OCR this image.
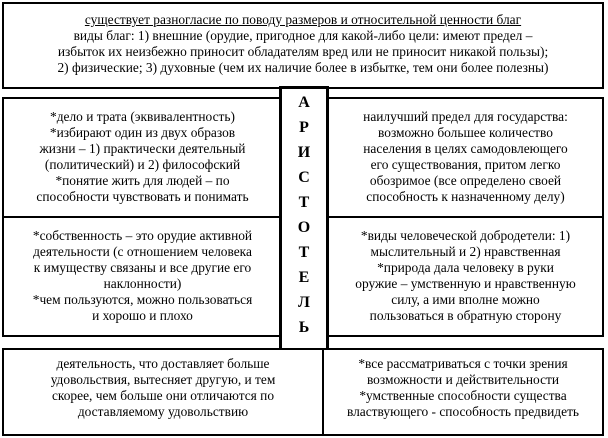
существует разногласие по поводу размеров и относительной ценности благ
виды благ: 1) внешние (орудие, пригодное для какой-либо цели: имеют предел –
избыток их неизбежно приносит обладателям вред или не приносит никакой пользы);
2) физические; 3) духовные (чем их наличие более в избытке, тем они более полезны)
*дело и трата (эквивалентность)
*избирают один из двух образов
жизни – 1) практически деятельный
(политический) и 2) философский
*понятие жить для людей – по
способности чувствовать и понимать
*собственность – это орудие активной
деятельности (с отношением человека
к имуществу связаны и все другие его
наклонности)
*чем пользуются, можно пользоваться
и хорошо и плохо
наилучший предел для государства:
возможно большее количество
населения в целях самодовлеющего
его существования, притом легко
обозримое (все определено своей
способность к назначенному делу)
*виды человеческой добродетели: 1)
мыслительный и 2) нравственная
*природа дала человеку в руки
оружие – умственную и нравственную
силу, а ими вполне можно
пользоваться в обратную сторону
А
Р
И
С
Т
О
Т
Е
Л
Ь
деятельность, что доставляет больше
удовольствия, вытесняет другую, и тем
скорее, чем больше они отличаются по
доставляемому удовольствию
*все рассматриваться с точки зрения
возможности и действительности
*умственные способности существа
властвующего - способность предвидеть
